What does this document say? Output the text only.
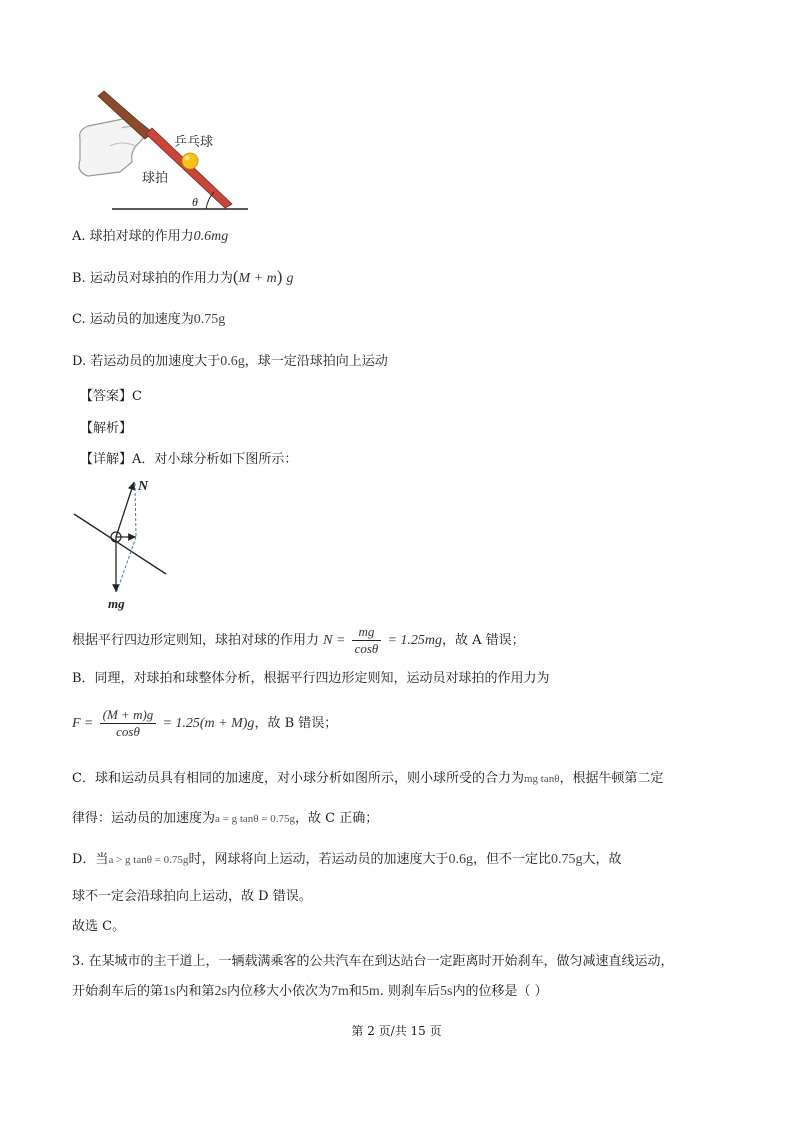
乒乓球
球拍
θ
A. 球拍对球的作用力0.6mg
B. 运动员对球拍的作用力为(M + m) g
C. 运动员的加速度为0.75g
D. 若运动员的加速度大于0.6g，球一定沿球拍向上运动
【答案】C
【解析】
【详解】A．对小球分析如下图所示：
N
mg
根据平行四边形定则知，球拍对球的作用力 $N = \frac{mg}{\cos\theta} = 1.25mg$，故 A 错误；
B．同理，对球拍和球整体分析，根据平行四边形定则知，运动员对球拍的作用力为
$F = \frac{(M + m)g}{\cos\theta} = 1.25(m + M)g$，故 B 错误；
C．球和运动员具有相同的加速度，对小球分析如图所示，则小球所受的合力为mg tanθ，根据牛顿第二定
律得：运动员的加速度为a = g tanθ = 0.75g，故 C 正确；
D．当a > g tanθ = 0.75g时，网球将向上运动，若运动员的加速度大于0.6g，但不一定比0.75g大，故
球不一定会沿球拍向上运动，故 D 错误。
故选 C。
3. 在某城市的主干道上，一辆载满乘客的公共汽车在到达站台一定距离时开始刹车，做匀减速直线运动，
开始刹车后的第1s内和第2s内位移大小依次为7m和5m. 则刹车后5s内的位移是（ ）
第 2 页/共 15 页
